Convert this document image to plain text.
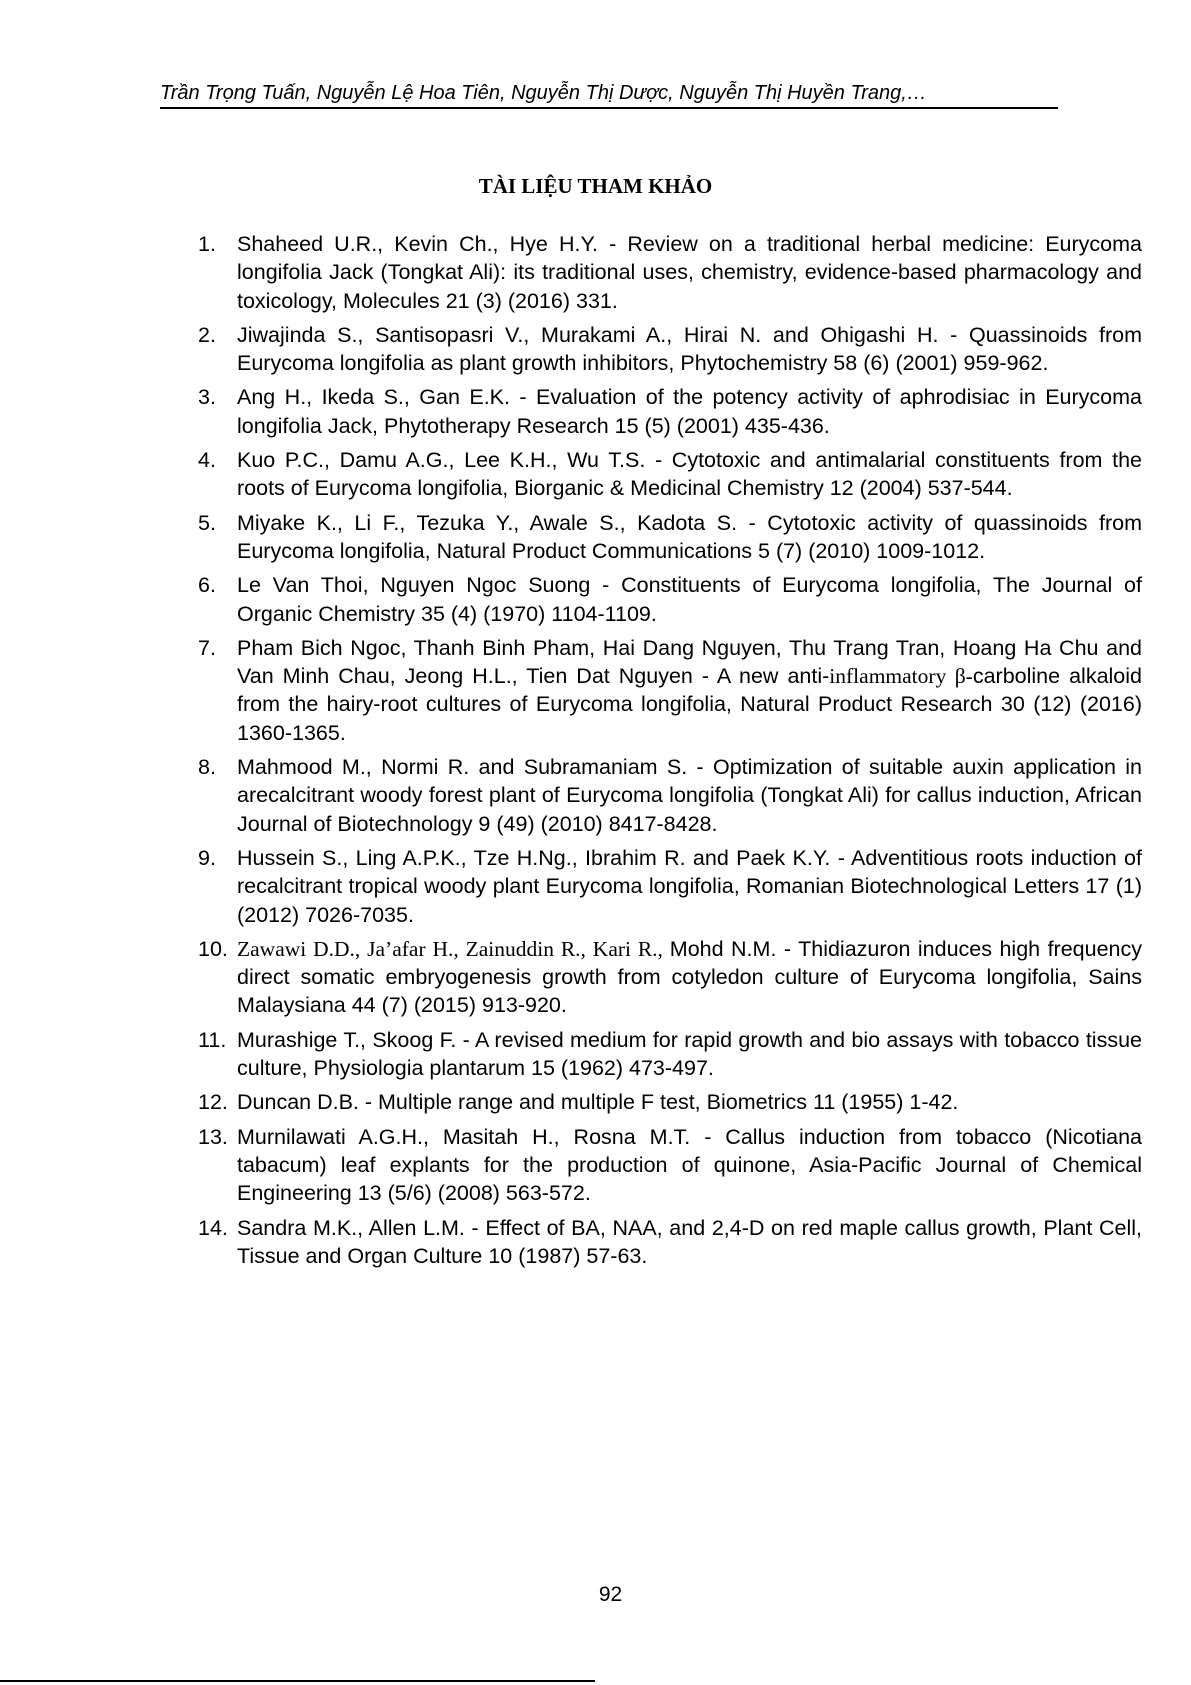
Trần Trọng Tuấn, Nguyễn Lệ Hoa Tiên, Nguyễn Thị Dược, Nguyễn Thị Huyền Trang,…
TÀI LIỆU THAM KHẢO
1. Shaheed U.R., Kevin Ch., Hye H.Y. - Review on a traditional herbal medicine: Eurycoma longifolia Jack (Tongkat Ali): its traditional uses, chemistry, evidence-based pharmacology and toxicology, Molecules 21 (3) (2016) 331.
2. Jiwajinda S., Santisopasri V., Murakami A., Hirai N. and Ohigashi H. - Quassinoids from Eurycoma longifolia as plant growth inhibitors, Phytochemistry 58 (6) (2001) 959-962.
3. Ang H., Ikeda S., Gan E.K. - Evaluation of the potency activity of aphrodisiac in Eurycoma longifolia Jack, Phytotherapy Research 15 (5) (2001) 435-436.
4. Kuo P.C., Damu A.G., Lee K.H., Wu T.S. - Cytotoxic and antimalarial constituents from the roots of Eurycoma longifolia, Biorganic & Medicinal Chemistry 12 (2004) 537-544.
5. Miyake K., Li F., Tezuka Y., Awale S., Kadota S. - Cytotoxic activity of quassinoids from Eurycoma longifolia, Natural Product Communications 5 (7) (2010) 1009-1012.
6. Le Van Thoi, Nguyen Ngoc Suong - Constituents of Eurycoma longifolia, The Journal of Organic Chemistry 35 (4) (1970) 1104-1109.
7. Pham Bich Ngoc, Thanh Binh Pham, Hai Dang Nguyen, Thu Trang Tran, Hoang Ha Chu and Van Minh Chau, Jeong H.L., Tien Dat Nguyen - A new anti-inflammatory β-carboline alkaloid from the hairy-root cultures of Eurycoma longifolia, Natural Product Research 30 (12) (2016) 1360-1365.
8. Mahmood M., Normi R. and Subramaniam S. - Optimization of suitable auxin application in arecalcitrant woody forest plant of Eurycoma longifolia (Tongkat Ali) for callus induction, African Journal of Biotechnology 9 (49) (2010) 8417-8428.
9. Hussein S., Ling A.P.K., Tze H.Ng., Ibrahim R. and Paek K.Y. - Adventitious roots induction of recalcitrant tropical woody plant Eurycoma longifolia, Romanian Biotechnological Letters 17 (1) (2012) 7026-7035.
10. Zawawi D.D., Ja’afar H., Zainuddin R., Kari R., Mohd N.M. - Thidiazuron induces high frequency direct somatic embryogenesis growth from cotyledon culture of Eurycoma longifolia, Sains Malaysiana 44 (7) (2015) 913-920.
11. Murashige T., Skoog F. - A revised medium for rapid growth and bio assays with tobacco tissue culture, Physiologia plantarum 15 (1962) 473-497.
12. Duncan D.B. - Multiple range and multiple F test, Biometrics 11 (1955) 1-42.
13. Murnilawati A.G.H., Masitah H., Rosna M.T. - Callus induction from tobacco (Nicotiana tabacum) leaf explants for the production of quinone, Asia-Pacific Journal of Chemical Engineering 13 (5/6) (2008) 563-572.
14. Sandra M.K., Allen L.M. - Effect of BA, NAA, and 2,4-D on red maple callus growth, Plant Cell, Tissue and Organ Culture 10 (1987) 57-63.
92
